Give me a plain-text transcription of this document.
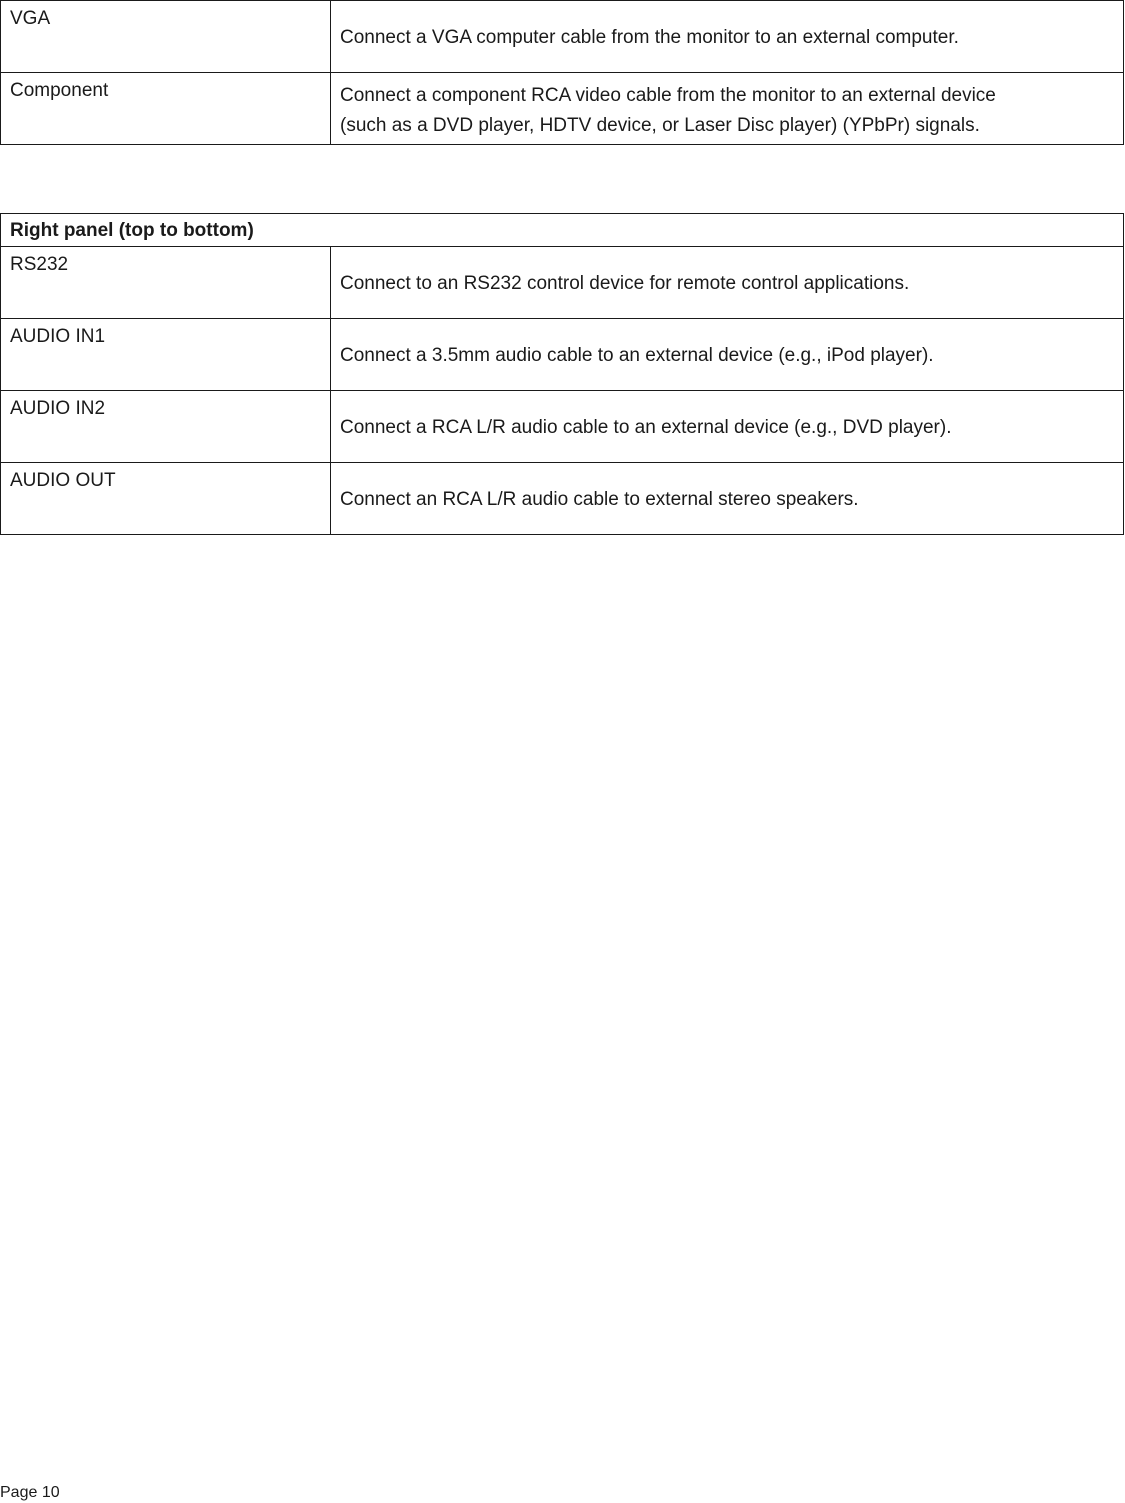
VGA	Connect a VGA computer cable from the monitor to an external computer.

Component	Connect a component RCA video cable from the monitor to an external device
(such as a DVD player, HDTV device, or Laser Disc player) (YPbPr) signals.
Right panel (top to bottom)	
RS232	Connect to an RS232 control device for remote control applications.

AUDIO IN1	Connect a 3.5mm audio cable to an external device (e.g., iPod player).

AUDIO IN2	Connect a RCA L/R audio cable to an external device (e.g., DVD player).

AUDIO OUT	Connect an RCA L/R audio cable to external stereo speakers.
Page 10
